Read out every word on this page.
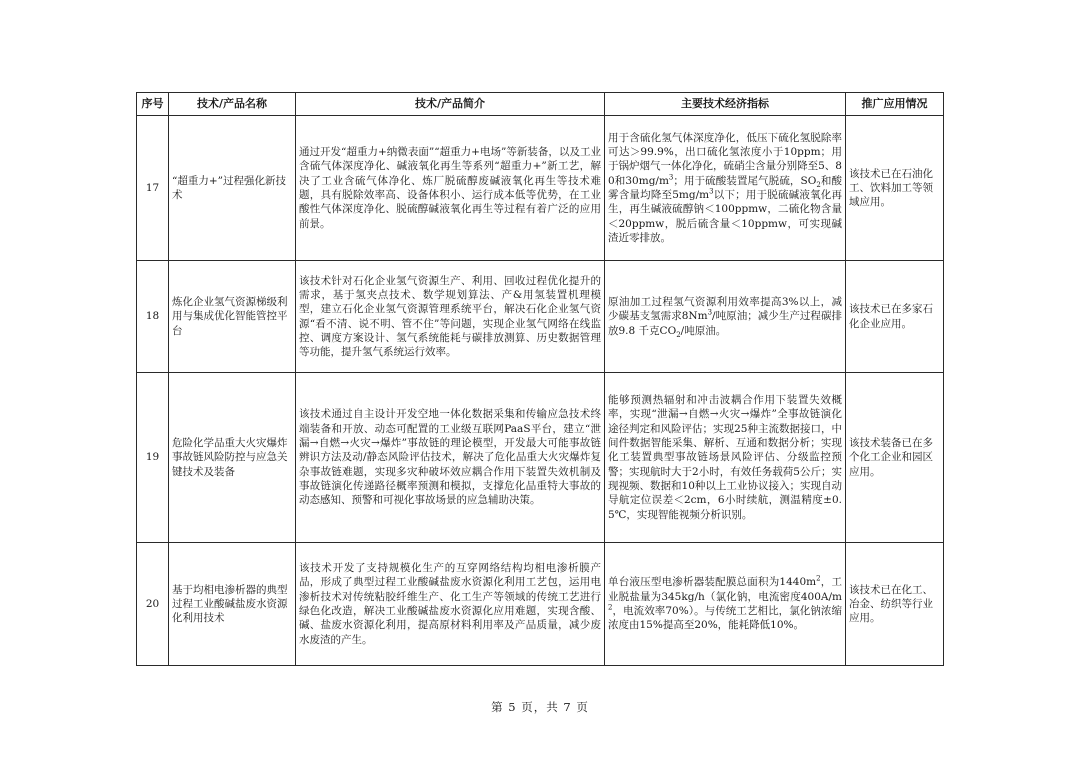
序号	技术/产品名称	技术/产品简介	主要技术经济指标	推广应用情况
17	“超重力+”过程强化新技术	通过开发“超重力+纳微表面”“超重力+电场”等新装备，以及工业含硫气体深度净化、碱液氧化再生等系列“超重力+”新工艺，解决了工业含硫气体净化、炼厂脱硫醇废碱液氧化再生等技术难题，具有脱除效率高、设备体积小、运行成本低等优势，在工业酸性气体深度净化、脱硫醇碱液氧化再生等过程有着广泛的应用前景。	用于含硫化氢气体深度净化，低压下硫化氢脱除率可达＞99.9%，出口硫化氢浓度小于10ppm；用于锅炉烟气一体化净化，硫硝尘含量分别降至5、80和$30mg/m^3$；用于硫酸装置尾气脱硫，$SO_2$和酸雾含量均降至$5mg/m^3$以下；用于脱硫碱液氧化再生，再生碱液硫醇钠＜100ppmw，二硫化物含量＜20ppmw，脱后硫含量＜10ppmw，可实现碱渣近零排放。	该技术已在石油化工、饮料加工等领域应用。
18	炼化企业氢气资源梯级利用与集成优化智能管控平台	该技术针对石化企业氢气资源生产、利用、回收过程优化提升的需求，基于氢夹点技术、数学规划算法、产&用氢装置机理模型，建立石化企业氢气资源管理系统平台，解决石化企业氢气资源“看不清、说不明、管不住”等问题，实现企业氢气网络在线监控、调度方案设计、氢气系统能耗与碳排放测算、历史数据管理等功能，提升氢气系统运行效率。	原油加工过程氢气资源利用效率提高3%以上，减少碳基支氢需求8Nm$^3$/吨原油；减少生产过程碳排放9.8 千克$CO_2/$吨原油。	该技术已在多家石化企业应用。
19	危险化学品重大火灾爆炸事故链风险防控与应急关键技术及装备	该技术通过自主设计开发空地一体化数据采集和传输应急技术终端装备和开放、动态可配置的工业级互联网PaaS平台，建立“泄漏→自燃→火灾→爆炸”事故链的理论模型，开发最大可能事故链辨识方法及动/静态风险评估技术，解决了危化品重大火灾爆炸复杂事故链难题，实现多灾种破坏效应耦合作用下装置失效机制及事故链演化传递路径概率预测和模拟，支撑危化品重特大事故的动态感知、预警和可视化事故场景的应急辅助决策。	能够预测热辐射和冲击波耦合作用下装置失效概率，实现“泄漏→自燃→火灾→爆炸”全事故链演化途径判定和风险评估；实现25种主流数据接口，中间件数据智能采集、解析、互通和数据分析；实现化工装置典型事故链场景风险评估、分级监控预警；实现航时大于2小时，有效任务载荷5公斤；实现视频、数据和10种以上工业协议接入；实现自动导航定位误差＜2cm，6小时续航，测温精度±0.5℃，实现智能视频分析识别。	该技术装备已在多个化工企业和园区应用。
20	基于均相电渗析器的典型过程工业酸碱盐废水资源化利用技术	该技术开发了支持规模化生产的互穿网络结构均相电渗析膜产品，形成了典型过程工业酸碱盐废水资源化利用工艺包，运用电渗析技术对传统粘胶纤维生产、化工生产等领域的传统工艺进行绿色化改造，解决工业酸碱盐废水资源化应用难题，实现含酸、碱、盐废水资源化利用，提高原材料利用率及产品质量，减少废水废渣的产生。	单台液压型电渗析器装配膜总面积为$1440m^2$，工业脱盐量为345kg/h（氯化钠，电流密度$400A/m^2$，电流效率70%）。与传统工艺相比，氯化钠浓缩浓度由15%提高至20%，能耗降低10%。	该技术已在化工、冶金、纺织等行业应用。
第 5 页，共 7 页
